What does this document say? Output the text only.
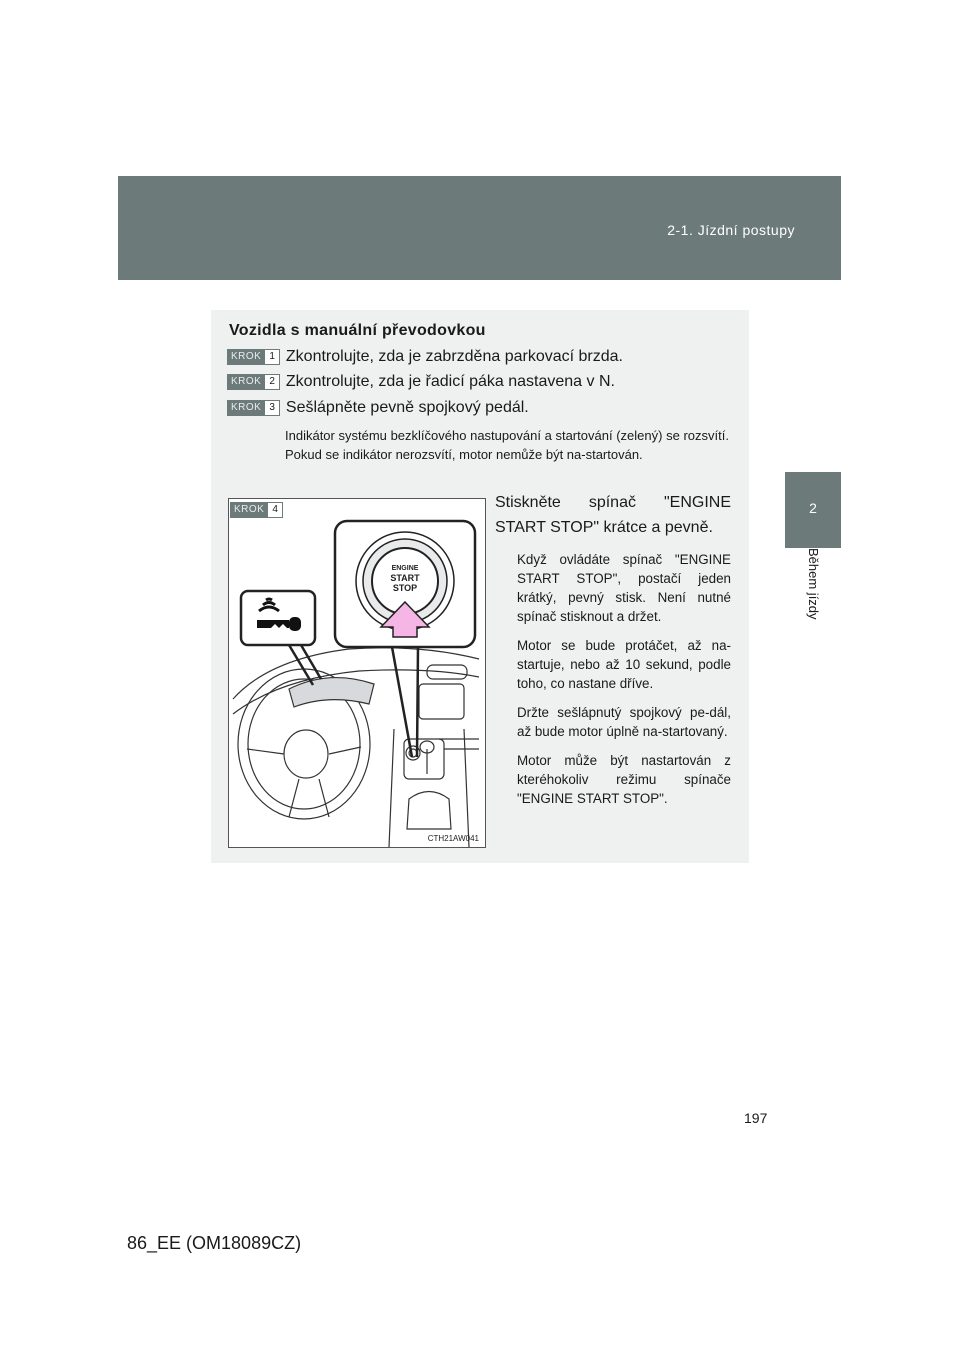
2-1. Jízdní postupy
2
Během jízdy
Vozidla s manuální převodovkou
KROK 1 Zkontrolujte, zda je zabrzděna parkovací brzda.
KROK 2 Zkontrolujte, zda je řadicí páka nastavena v N.
KROK 3 Sešlápněte pevně spojkový pedál.
Indikátor systému bezklíčového nastupování a startování (zelený) se rozsvítí. Pokud se indikátor nerozsvítí, motor nemůže být na-startován.
KROK 4
ENGINE
START
STOP
CTH21AW041
Stiskněte spínač "ENGINE START STOP" krátce a pevně.

Když ovládáte spínač "ENGINE START STOP", postačí jeden krátký, pevný stisk. Není nutné spínač stisknout a držet.

Motor se bude protáčet, až na-startuje, nebo až 10 sekund, podle toho, co nastane dříve.

Držte sešlápnutý spojkový pe-dál, až bude motor úplně na-startovaný.

Motor může být nastartován z kteréhokoliv režimu spínače "ENGINE START STOP".

197
86_EE (OM18089CZ)
